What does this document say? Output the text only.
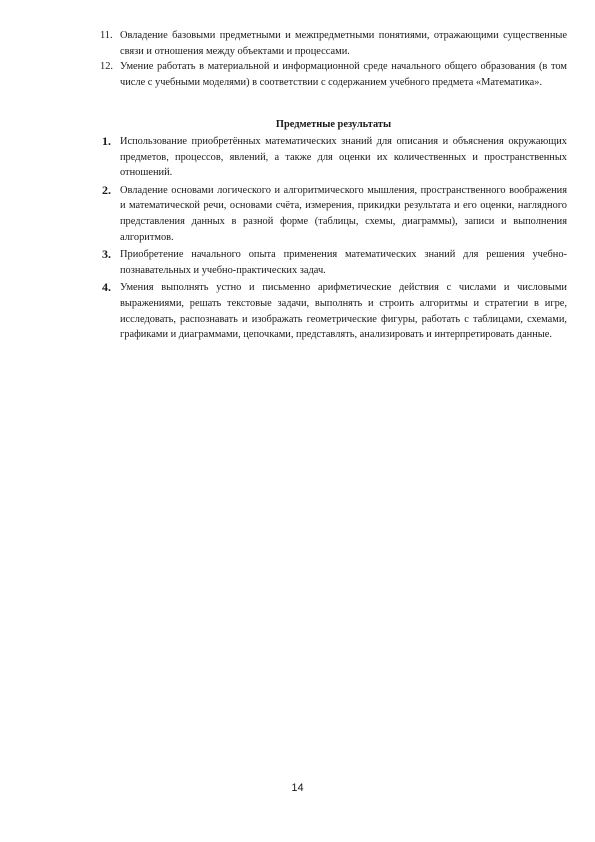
11. Овладение базовыми предметными и межпредметными понятиями, отражающими существенные связи и отношения между объектами и процессами.
12. Умение работать в материальной и информационной среде начального общего образования (в том числе с учебными моделями) в соответствии с содержанием учебного предмета «Математика».
Предметные результаты
1. Использование приобретённых математических знаний для описания и объяснения окружающих предметов, процессов, явлений, а также для оценки их количественных и пространственных отношений.
2. Овладение основами логического и алгоритмического мышления, пространственного воображения и математической речи, основами счёта, измерения, прикидки результата и его оценки, наглядного представления данных в разной форме (таблицы, схемы, диаграммы), записи и выполнения алгоритмов.
3. Приобретение начального опыта применения математических знаний для решения учебно-познавательных и учебно-практических задач.
4. Умения выполнять устно и письменно арифметические действия с числами и числовыми выражениями, решать текстовые задачи, выполнять и строить алгоритмы и стратегии в игре, исследовать, распознавать и изображать геометрические фигуры, работать с таблицами, схемами, графиками и диаграммами, цепочками, представлять, анализировать и интерпретировать данные.
14
